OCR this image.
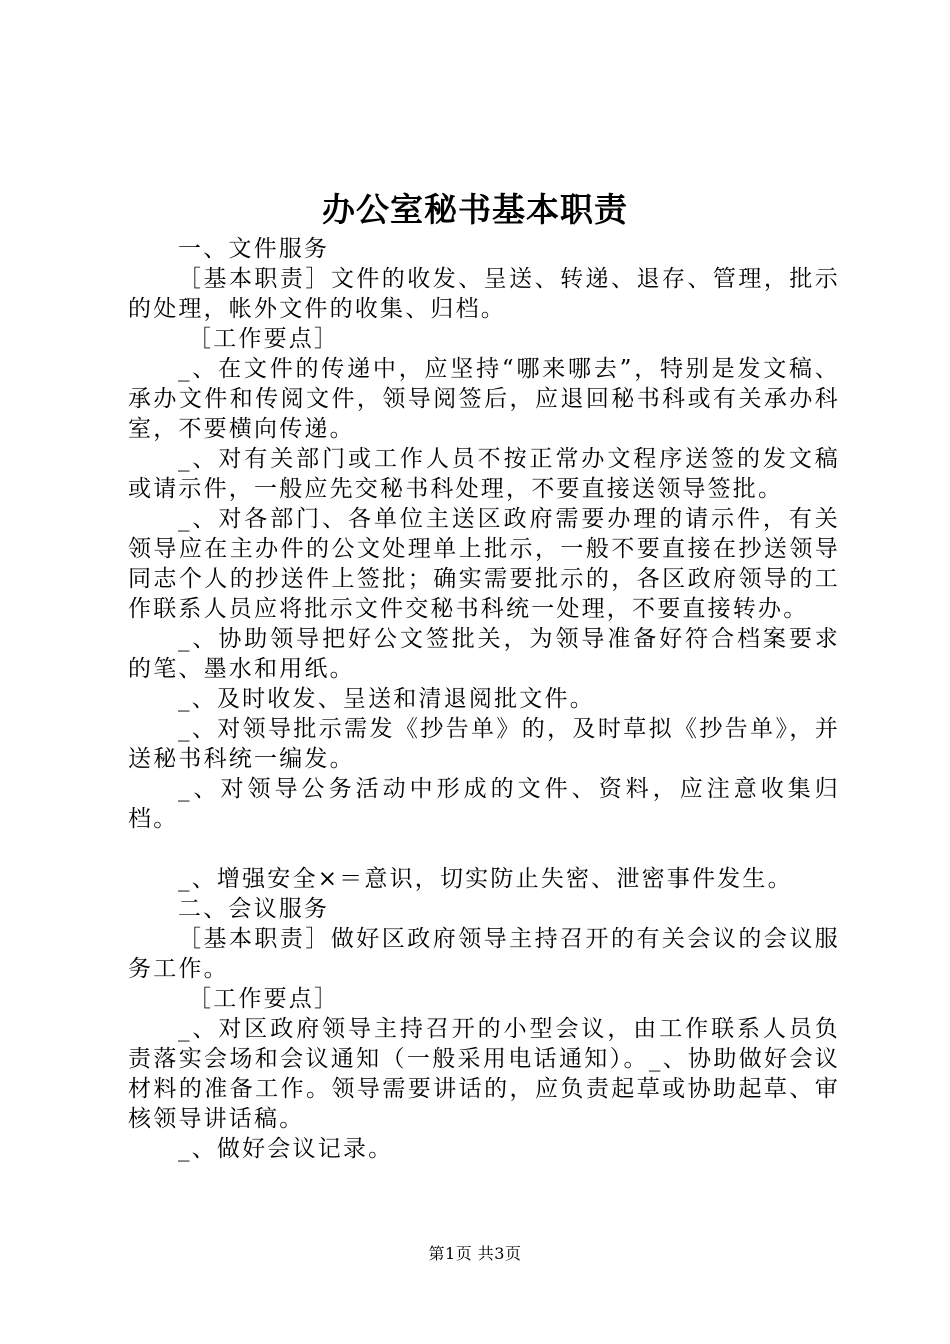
办公室秘书基本职责

一、文件服务

［基本职责］文件的收发、呈送、转递、退存、管理，批示的处理，帐外文件的收集、归档。

［工作要点］

_、在文件的传递中，应坚持“哪来哪去”，特别是发文稿、承办文件和传阅文件，领导阅签后，应退回秘书科或有关承办科室，不要横向传递。

_、对有关部门或工作人员不按正常办文程序送签的发文稿或请示件，一般应先交秘书科处理，不要直接送领导签批。

_、对各部门、各单位主送区政府需要办理的请示件，有关领导应在主办件的公文处理单上批示，一般不要直接在抄送领导同志个人的抄送件上签批；确实需要批示的，各区政府领导的工作联系人员应将批示文件交秘书科统一处理，不要直接转办。

_、协助领导把好公文签批关，为领导准备好符合档案要求的笔、墨水和用纸。

_、及时收发、呈送和清退阅批文件。

_、对领导批示需发《抄告单》的，及时草拟《抄告单》，并送秘书科统一编发。

_、对领导公务活动中形成的文件、资料，应注意收集归档。

_、增强安全×＝意识，切实防止失密、泄密事件发生。

二、会议服务

［基本职责］做好区政府领导主持召开的有关会议的会议服务工作。

［工作要点］

_、对区政府领导主持召开的小型会议，由工作联系人员负责落实会场和会议通知（一般采用电话通知）。_、协助做好会议材料的准备工作。领导需要讲话的，应负责起草或协助起草、审核领导讲话稿。

_、做好会议记录。

第1页 共3页
